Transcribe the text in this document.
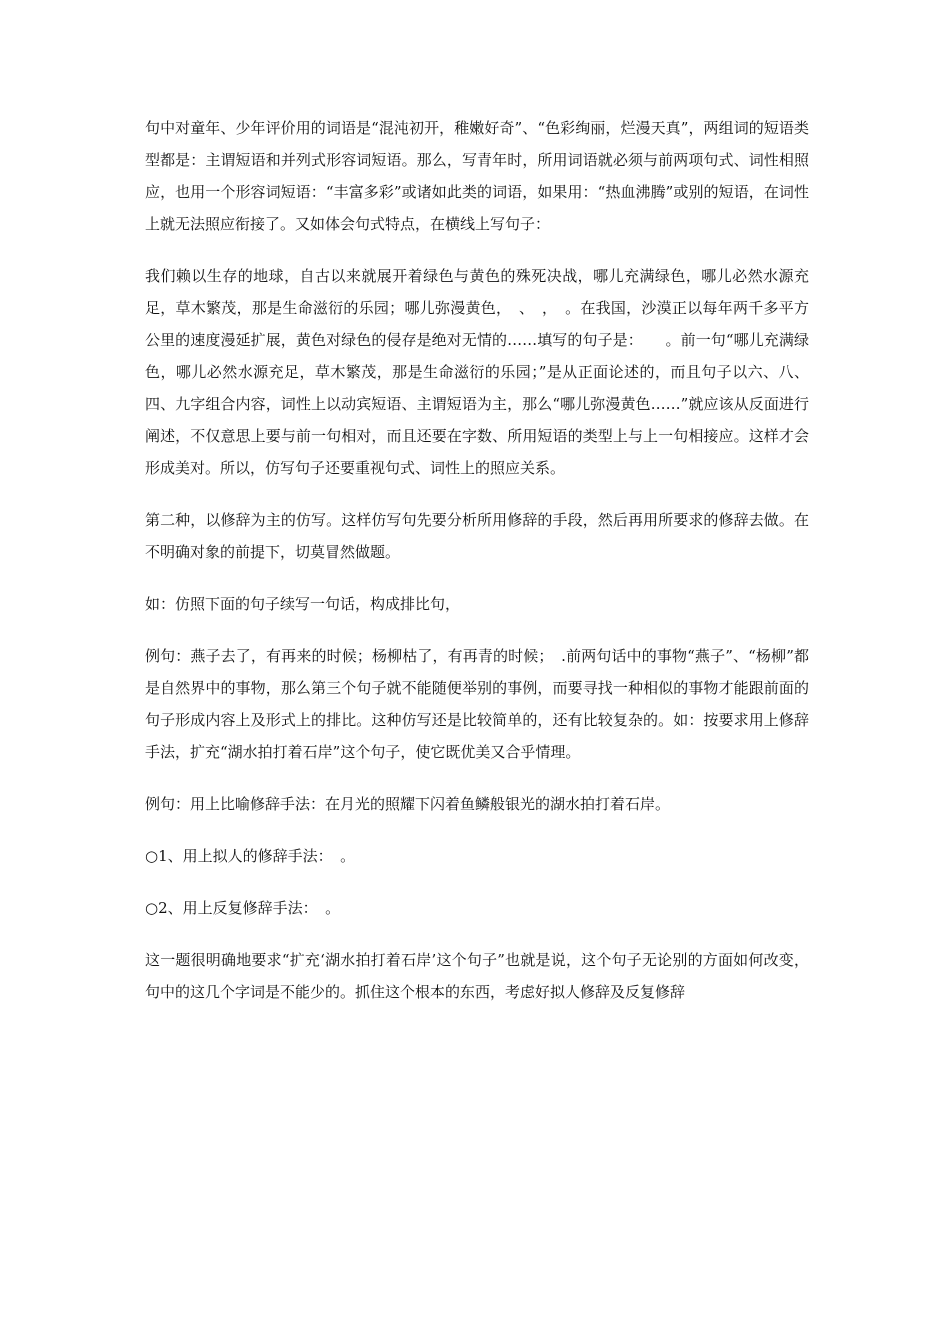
句中对童年、少年评价用的词语是“混沌初开，稚嫩好奇”、“色彩绚丽，烂漫天真”，两组词的短语类型都是：主谓短语和并列式形容词短语。那么，写青年时，所用词语就必须与前两项句式、词性相照应，也用一个形容词短语：“丰富多彩”或诸如此类的词语，如果用：“热血沸腾”或别的短语，在词性上就无法照应衔接了。又如体会句式特点，在横线上写句子：

我们赖以生存的地球，自古以来就展开着绿色与黄色的殊死决战，哪儿充满绿色，哪儿必然水源充足，草木繁茂，那是生命滋衍的乐园；哪儿弥漫黄色，　、　，　。在我国，沙漠正以每年两千多平方公里的速度漫延扩展，黄色对绿色的侵存是绝对无情的……填写的句子是：　　。前一句“哪儿充满绿色，哪儿必然水源充足，草木繁茂，那是生命滋衍的乐园；”是从正面论述的，而且句子以六、八、四、九字组合内容，词性上以动宾短语、主谓短语为主，那么“哪儿弥漫黄色……”就应该从反面进行阐述，不仅意思上要与前一句相对，而且还要在字数、所用短语的类型上与上一句相接应。这样才会形成美对。所以，仿写句子还要重视句式、词性上的照应关系。

第二种，以修辞为主的仿写。这样仿写句先要分析所用修辞的手段，然后再用所要求的修辞去做。在不明确对象的前提下，切莫冒然做题。

如：仿照下面的句子续写一句话，构成排比句，

例句：燕子去了，有再来的时候；杨柳枯了，有再青的时候；　.前两句话中的事物“燕子”、“杨柳”都是自然界中的事物，那么第三个句子就不能随便举别的事例，而要寻找一种相似的事物才能跟前面的句子形成内容上及形式上的排比。这种仿写还是比较简单的，还有比较复杂的。如：按要求用上修辞手法，扩充“湖水拍打着石岸”这个句子，使它既优美又合乎情理。

例句：用上比喻修辞手法：在月光的照耀下闪着鱼鳞般银光的湖水拍打着石岸。

○1、用上拟人的修辞手法：　。

○2、用上反复修辞手法：　。

这一题很明确地要求“扩充‘湖水拍打着石岸’这个句子”也就是说，这个句子无论别的方面如何改变，句中的这几个字词是不能少的。抓住这个根本的东西，考虑好拟人修辞及反复修辞
